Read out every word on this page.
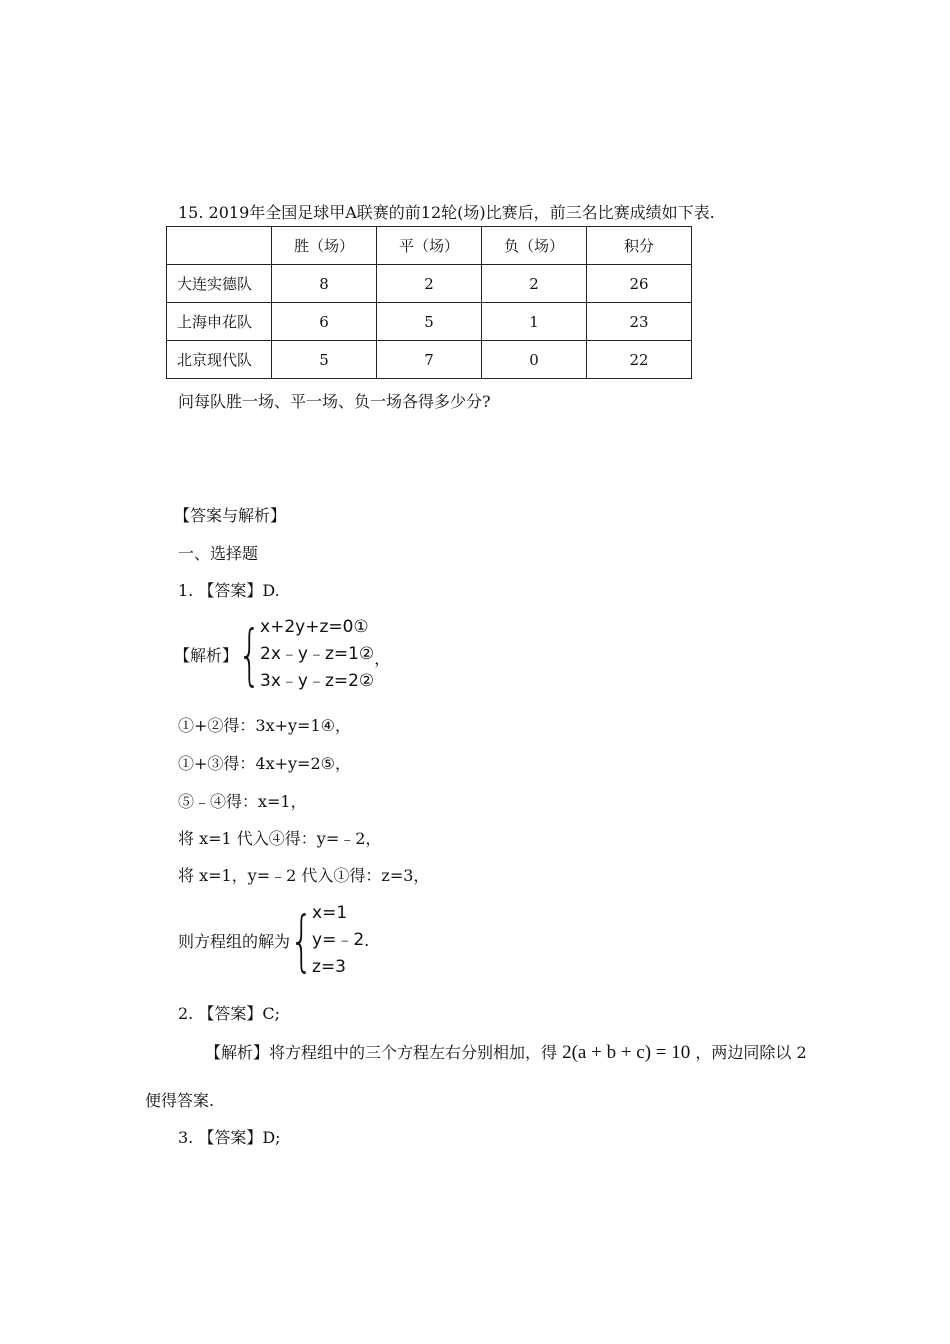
15. 2019年全国足球甲A联赛的前12轮(场)比赛后，前三名比赛成绩如下表.
	胜（场）	平（场）	负（场）	积分
大连实德队	8	2	2	26
上海申花队	6	5	1	23
北京现代队	5	7	0	22
问每队胜一场、平一场、负一场各得多少分?
【答案与解析】
一、选择题
1. 【答案】D.
【解析】 {
x+2y+z=0①
2x﹣y﹣z=1②
3x﹣y﹣z=2②
，
①+②得：3x+y=1④，
①+③得：4x+y=2⑤，
⑤﹣④得：x=1，
将 x=1 代入④得：y=﹣2，
将 x=1，y=﹣2 代入①得：z=3，
则方程组的解为 {
x=1
y=﹣2
z=3
.
2. 【答案】C;
【解析】将方程组中的三个方程左右分别相加，得 2(a + b + c) = 10 ，两边同除以 2
便得答案.
3. 【答案】D;
